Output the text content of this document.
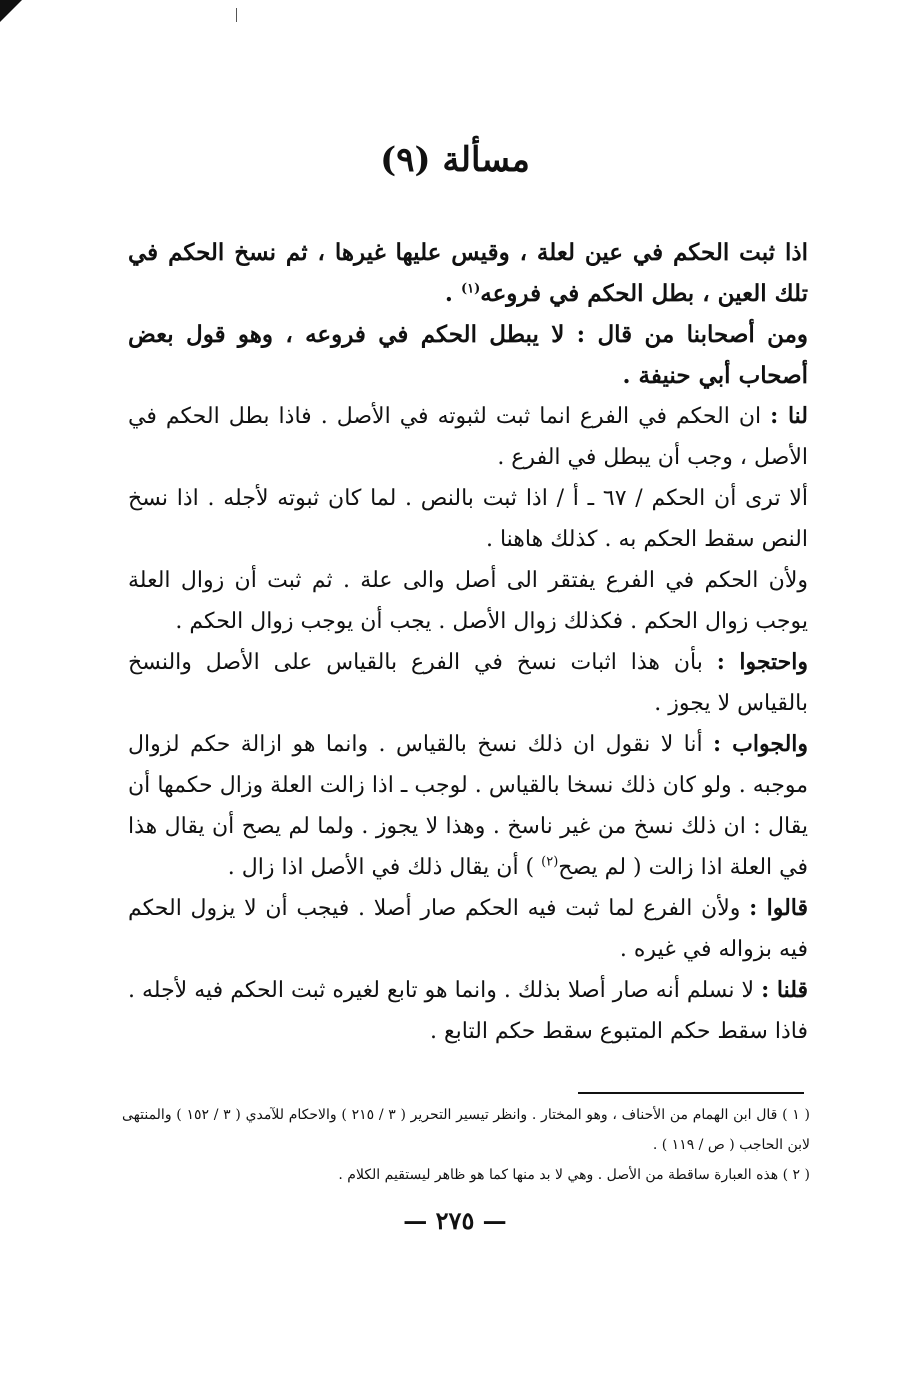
مسألة (٩)

اذا ثبت الحكم في عين لعلة ، وقيس عليها غيرها ، ثم نسخ الحكم في تلك العين ، بطل الحكم في فروعه$^{(١)}$ .

ومن أصحابنا من قال : لا يبطل الحكم في فروعه ، وهو قول بعض أصحاب أبي حنيفة .

لنا : ان الحكم في الفرع انما ثبت لثبوته في الأصل . فاذا بطل الحكم في الأصل ، وجب أن يبطل في الفرع .

ألا ترى أن الحكم / ٦٧ ـ أ / اذا ثبت بالنص . لما كان ثبوته لأجله . اذا نسخ النص سقط الحكم به . كذلك هاهنا .

ولأن الحكم في الفرع يفتقر الى أصل والى علة . ثم ثبت أن زوال العلة يوجب زوال الحكم . فكذلك زوال الأصل . يجب أن يوجب زوال الحكم .

واحتجوا : بأن هذا اثبات نسخ في الفرع بالقياس على الأصل والنسخ بالقياس لا يجوز .

والجواب : أنا لا نقول ان ذلك نسخ بالقياس . وانما هو ازالة حكم لزوال موجبه . ولو كان ذلك نسخا بالقياس . لوجب ـ اذا زالت العلة وزال حكمها أن يقال : ان ذلك نسخ من غير ناسخ . وهذا لا يجوز . ولما لم يصح أن يقال هذا في العلة اذا زالت ( لم يصح$^{(٢)}$ ) أن يقال ذلك في الأصل اذا زال .

قالوا : ولأن الفرع لما ثبت فيه الحكم صار أصلا . فيجب أن لا يزول الحكم فيه بزواله في غيره .

قلنا : لا نسلم أنه صار أصلا بذلك . وانما هو تابع لغيره ثبت الحكم فيه لأجله . فاذا سقط حكم المتبوع سقط حكم التابع .

( ١ ) قال ابن الهمام من الأحناف ، وهو المختار . وانظر تيسير التحرير ( ٣ / ٢١٥ ) والاحكام للآمدي ( ٣ / ١٥٢ ) والمنتهى لابن الحاجب ( ص / ١١٩ ) .

( ٢ ) هذه العبارة ساقطة من الأصل . وهي لا بد منها كما هو ظاهر ليستقيم الكلام .

— ٢٧٥ —
